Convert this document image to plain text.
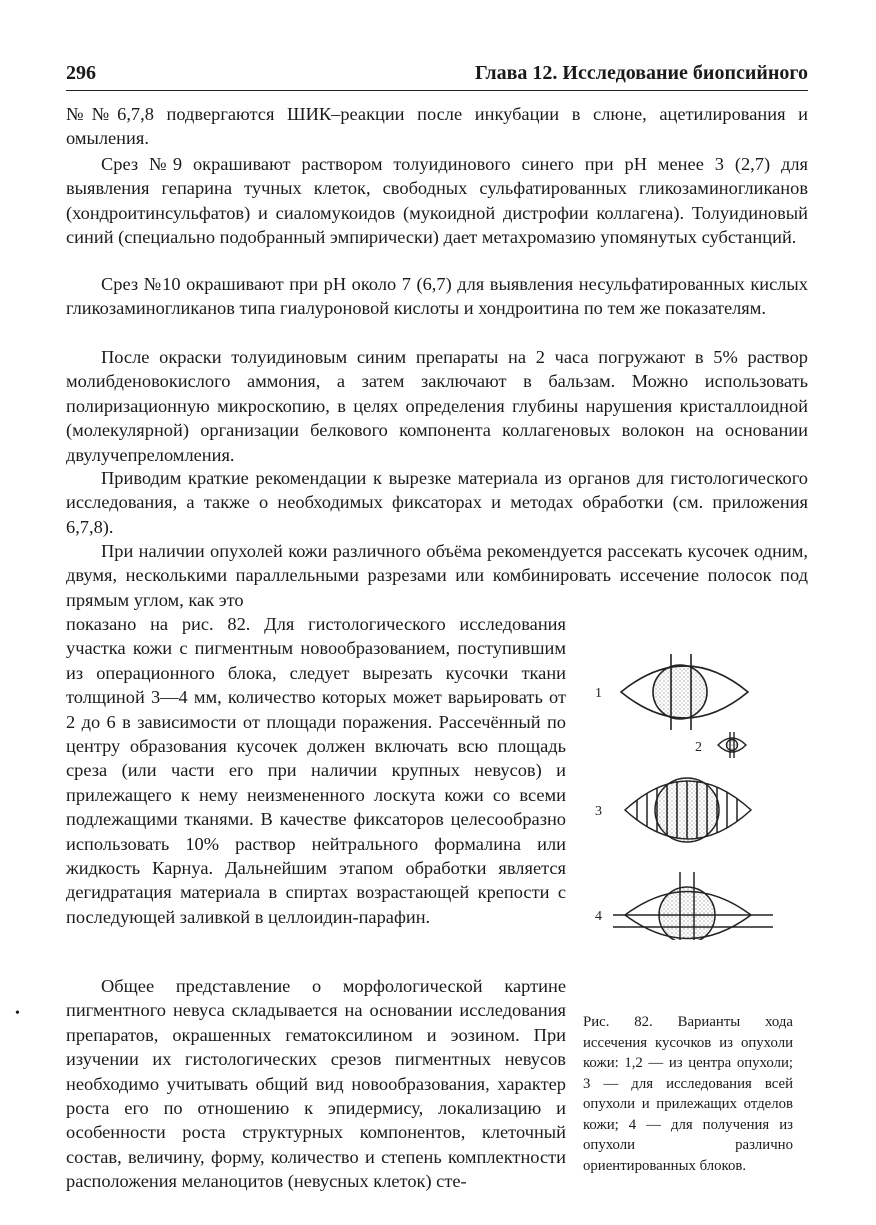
296	Глава 12. Исследование биопсийного

№№6,7,8 подвергаются ШИК–реакции после инкубации в слюне, ацетилирования и омыления.

Срез №9 окрашивают раствором толуидинового синего при pH менее 3 (2,7) для выявления гепарина тучных клеток, свободных сульфатированных гликозаминогликанов (хондроитинсульфатов) и сиаломукоидов (мукоидной дистрофии коллагена). Толуидиновый синий (специально подобранный эмпирически) дает метахромазию упомянутых субстанций.

Срез №10 окрашивают при pH около 7 (6,7) для выявления несульфатированных кислых гликозаминогликанов типа гиалуроновой кислоты и хондроитина по тем же показателям.

После окраски толуидиновым синим препараты на 2 часа погружают в 5% раствор молибденовокислого аммония, а затем заключают в бальзам. Можно использовать полиризационную микроскопию, в целях определения глубины нарушения кристаллоидной (молекулярной) организации белкового компонента коллагеновых волокон на основании двулучепреломления.

Приводим краткие рекомендации к вырезке материала из органов для гистологического исследования, а также о необходимых фиксаторах и методах обработки (см. приложения 6,7,8).

При наличии опухолей кожи различного объёма рекомендуется рассекать кусочек одним, двумя, несколькими параллельными разрезами или комбинировать иссечение полосок под прямым углом, как это

показано на рис. 82. Для гистологического исследования участка кожи с пигментным новообразованием, поступившим из операционного блока, следует вырезать кусочки ткани толщиной 3—4 мм, количество которых может варьировать от 2 до 6 в зависимости от площади поражения. Рассечённый по центру образования кусочек должен включать всю площадь среза (или части его при наличии крупных невусов) и прилежащего к нему неизмененного лоскута кожи со всеми подлежащими тканями. В качестве фиксаторов целесообразно использовать 10% раствор нейтрального формалина или жидкость Карнуа. Дальнейшим этапом обработки является дегидратация материала в спиртах возрастающей крепости с последующей заливкой в целлоидин-парафин.

Общее представление о морфологической картине пигментного невуса складывается на основании исследования препаратов, окрашенных гематоксилином и эозином. При изучении их гистологических срезов пигментных невусов необходимо учитывать общий вид новообразования, характер роста его по отношению к эпидермису, локализацию и особенности роста структурных компонентов, клеточный состав, величину, форму, количество и степень комплектности расположения меланоцитов (невусных клеток) сте-

•
1
2
3
4

Рис. 82. Варианты хода иссечения кусочков из опухоли кожи: 1,2 — из центра опухоли; 3 — для исследования всей опухоли и прилежащих отделов кожи; 4 — для получения из опухоли различно ориентированных блоков.
